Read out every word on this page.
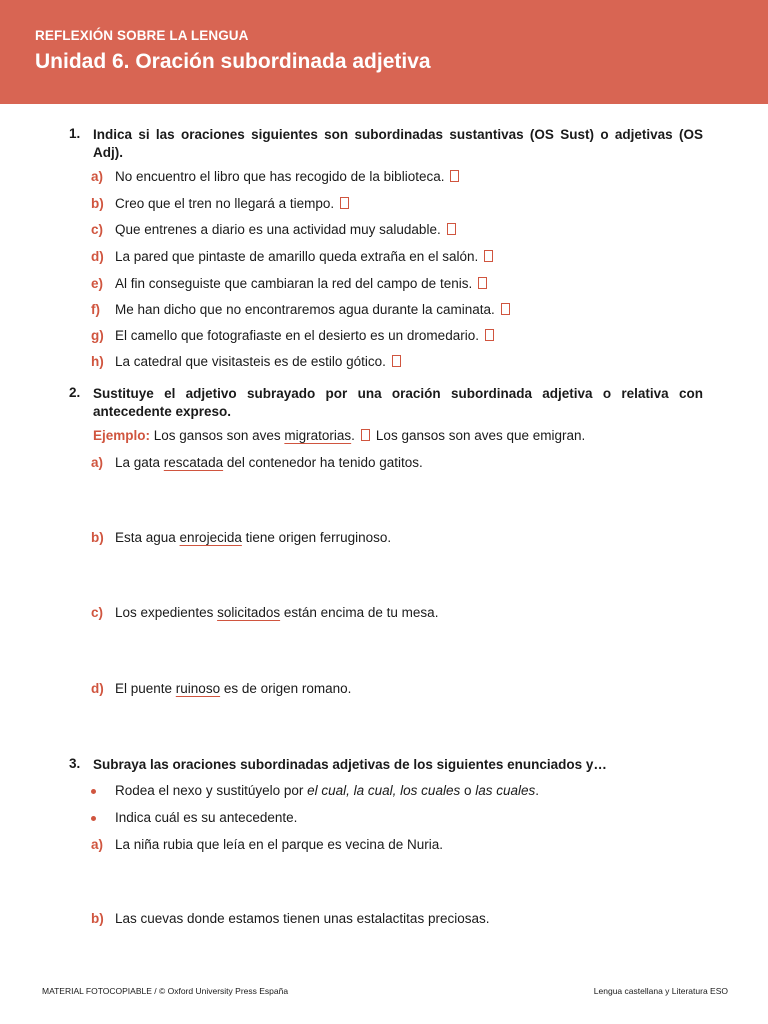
REFLEXIÓN SOBRE LA LENGUA
Unidad 6. Oración subordinada adjetiva
1. Indica si las oraciones siguientes son subordinadas sustantivas (OS Sust) o adjetivas (OS Adj).
a) No encuentro el libro que has recogido de la biblioteca.
b) Creo que el tren no llegará a tiempo.
c) Que entrenes a diario es una actividad muy saludable.
d) La pared que pintaste de amarillo queda extraña en el salón.
e) Al fin conseguiste que cambiaran la red del campo de tenis.
f) Me han dicho que no encontraremos agua durante la caminata.
g) El camello que fotografiaste en el desierto es un dromedario.
h) La catedral que visitasteis es de estilo gótico.
2. Sustituye el adjetivo subrayado por una oración subordinada adjetiva o relativa con antecedente expreso.
Ejemplo: Los gansos son aves migratorias. Los gansos son aves que emigran.
a) La gata rescatada del contenedor ha tenido gatitos.
b) Esta agua enrojecida tiene origen ferruginoso.
c) Los expedientes solicitados están encima de tu mesa.
d) El puente ruinoso es de origen romano.
3. Subraya las oraciones subordinadas adjetivas de los siguientes enunciados y…
Rodea el nexo y sustitúyelo por el cual, la cual, los cuales o las cuales.
Indica cuál es su antecedente.
a) La niña rubia que leía en el parque es vecina de Nuria.
b) Las cuevas donde estamos tienen unas estalactitas preciosas.
MATERIAL FOTOCOPIABLE / © Oxford University Press España	Lengua castellana y Literatura ESO
